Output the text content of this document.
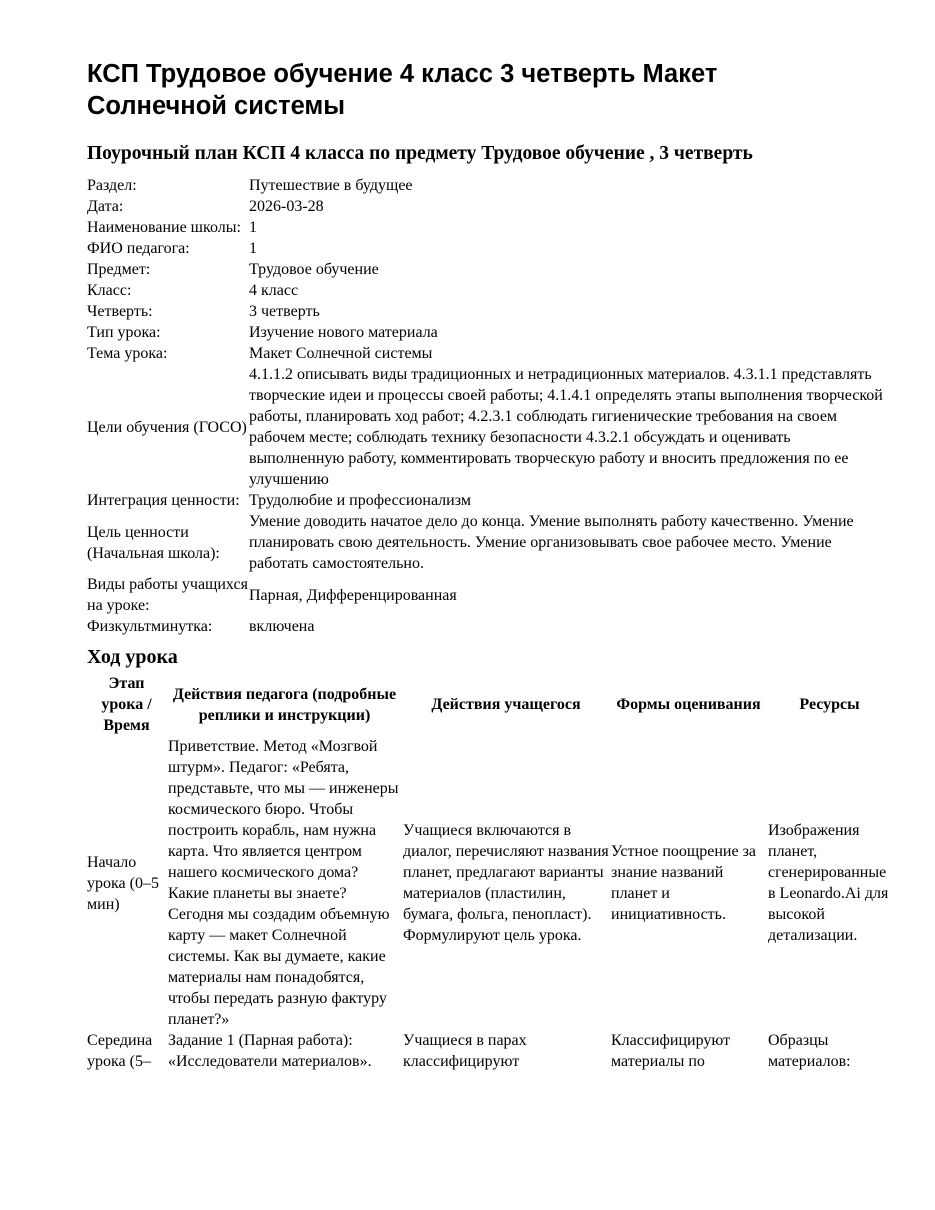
КСП Трудовое обучение 4 класс 3 четверть Макет Солнечной системы
Поурочный план КСП 4 класса по предмету Трудовое обучение , 3 четверть
Раздел:	Путешествие в будущее
Дата:	2026-03-28
Наименование школы:	1
ФИО педагога:	1
Предмет:	Трудовое обучение
Класс:	4 класс
Четверть:	3 четверть
Тип урока:	Изучение нового материала
Тема урока:	Макет Солнечной системы
Цели обучения (ГОСО)	4.1.1.2 описывать виды традиционных и нетрадиционных материалов. 4.3.1.1 представлять творческие идеи и процессы своей работы; 4.1.4.1 определять этапы выполнения творческой работы, планировать ход работ; 4.2.3.1 соблюдать гигиенические требования на своем рабочем месте; соблюдать технику безопасности 4.3.2.1 обсуждать и оценивать выполненную работу, комментировать творческую работу и вносить предложения по ее улучшению
Интеграция ценности:	Трудолюбие и профессионализм
Цель ценности (Начальная школа):	Умение доводить начатое дело до конца. Умение выполнять работу качественно. Умение планировать свою деятельность. Умение организовывать свое рабочее место. Умение работать самостоятельно.
Виды работы учащихся на уроке:	Парная, Дифференцированная
Физкультминутка:	включена
Ход урока
Этап урока / Время	Действия педагога (подробные реплики и инструкции)	Действия учащегося	Формы оценивания	Ресурсы
Начало урока (0–5 мин)	Приветствие. Метод «Мозгвой штурм». Педагог: «Ребята, представьте, что мы — инженеры космического бюро. Чтобы построить корабль, нам нужна карта. Что является центром нашего космического дома? Какие планеты вы знаете? Сегодня мы создадим объемную карту — макет Солнечной системы. Как вы думаете, какие материалы нам понадобятся, чтобы передать разную фактуру планет?»	Учащиеся включаются в диалог, перечисляют названия планет, предлагают варианты материалов (пластилин, бумага, фольга, пенопласт). Формулируют цель урока.	Устное поощрение за знание названий планет и инициативность.	Изображения планет, сгенерированные в Leonardo.Ai для высокой детализации.
Середина урока (5–	Задание 1 (Парная работа): «Исследователи материалов».	Учащиеся в парах классифицируют	Классифицируют материалы по	Образцы материалов:
